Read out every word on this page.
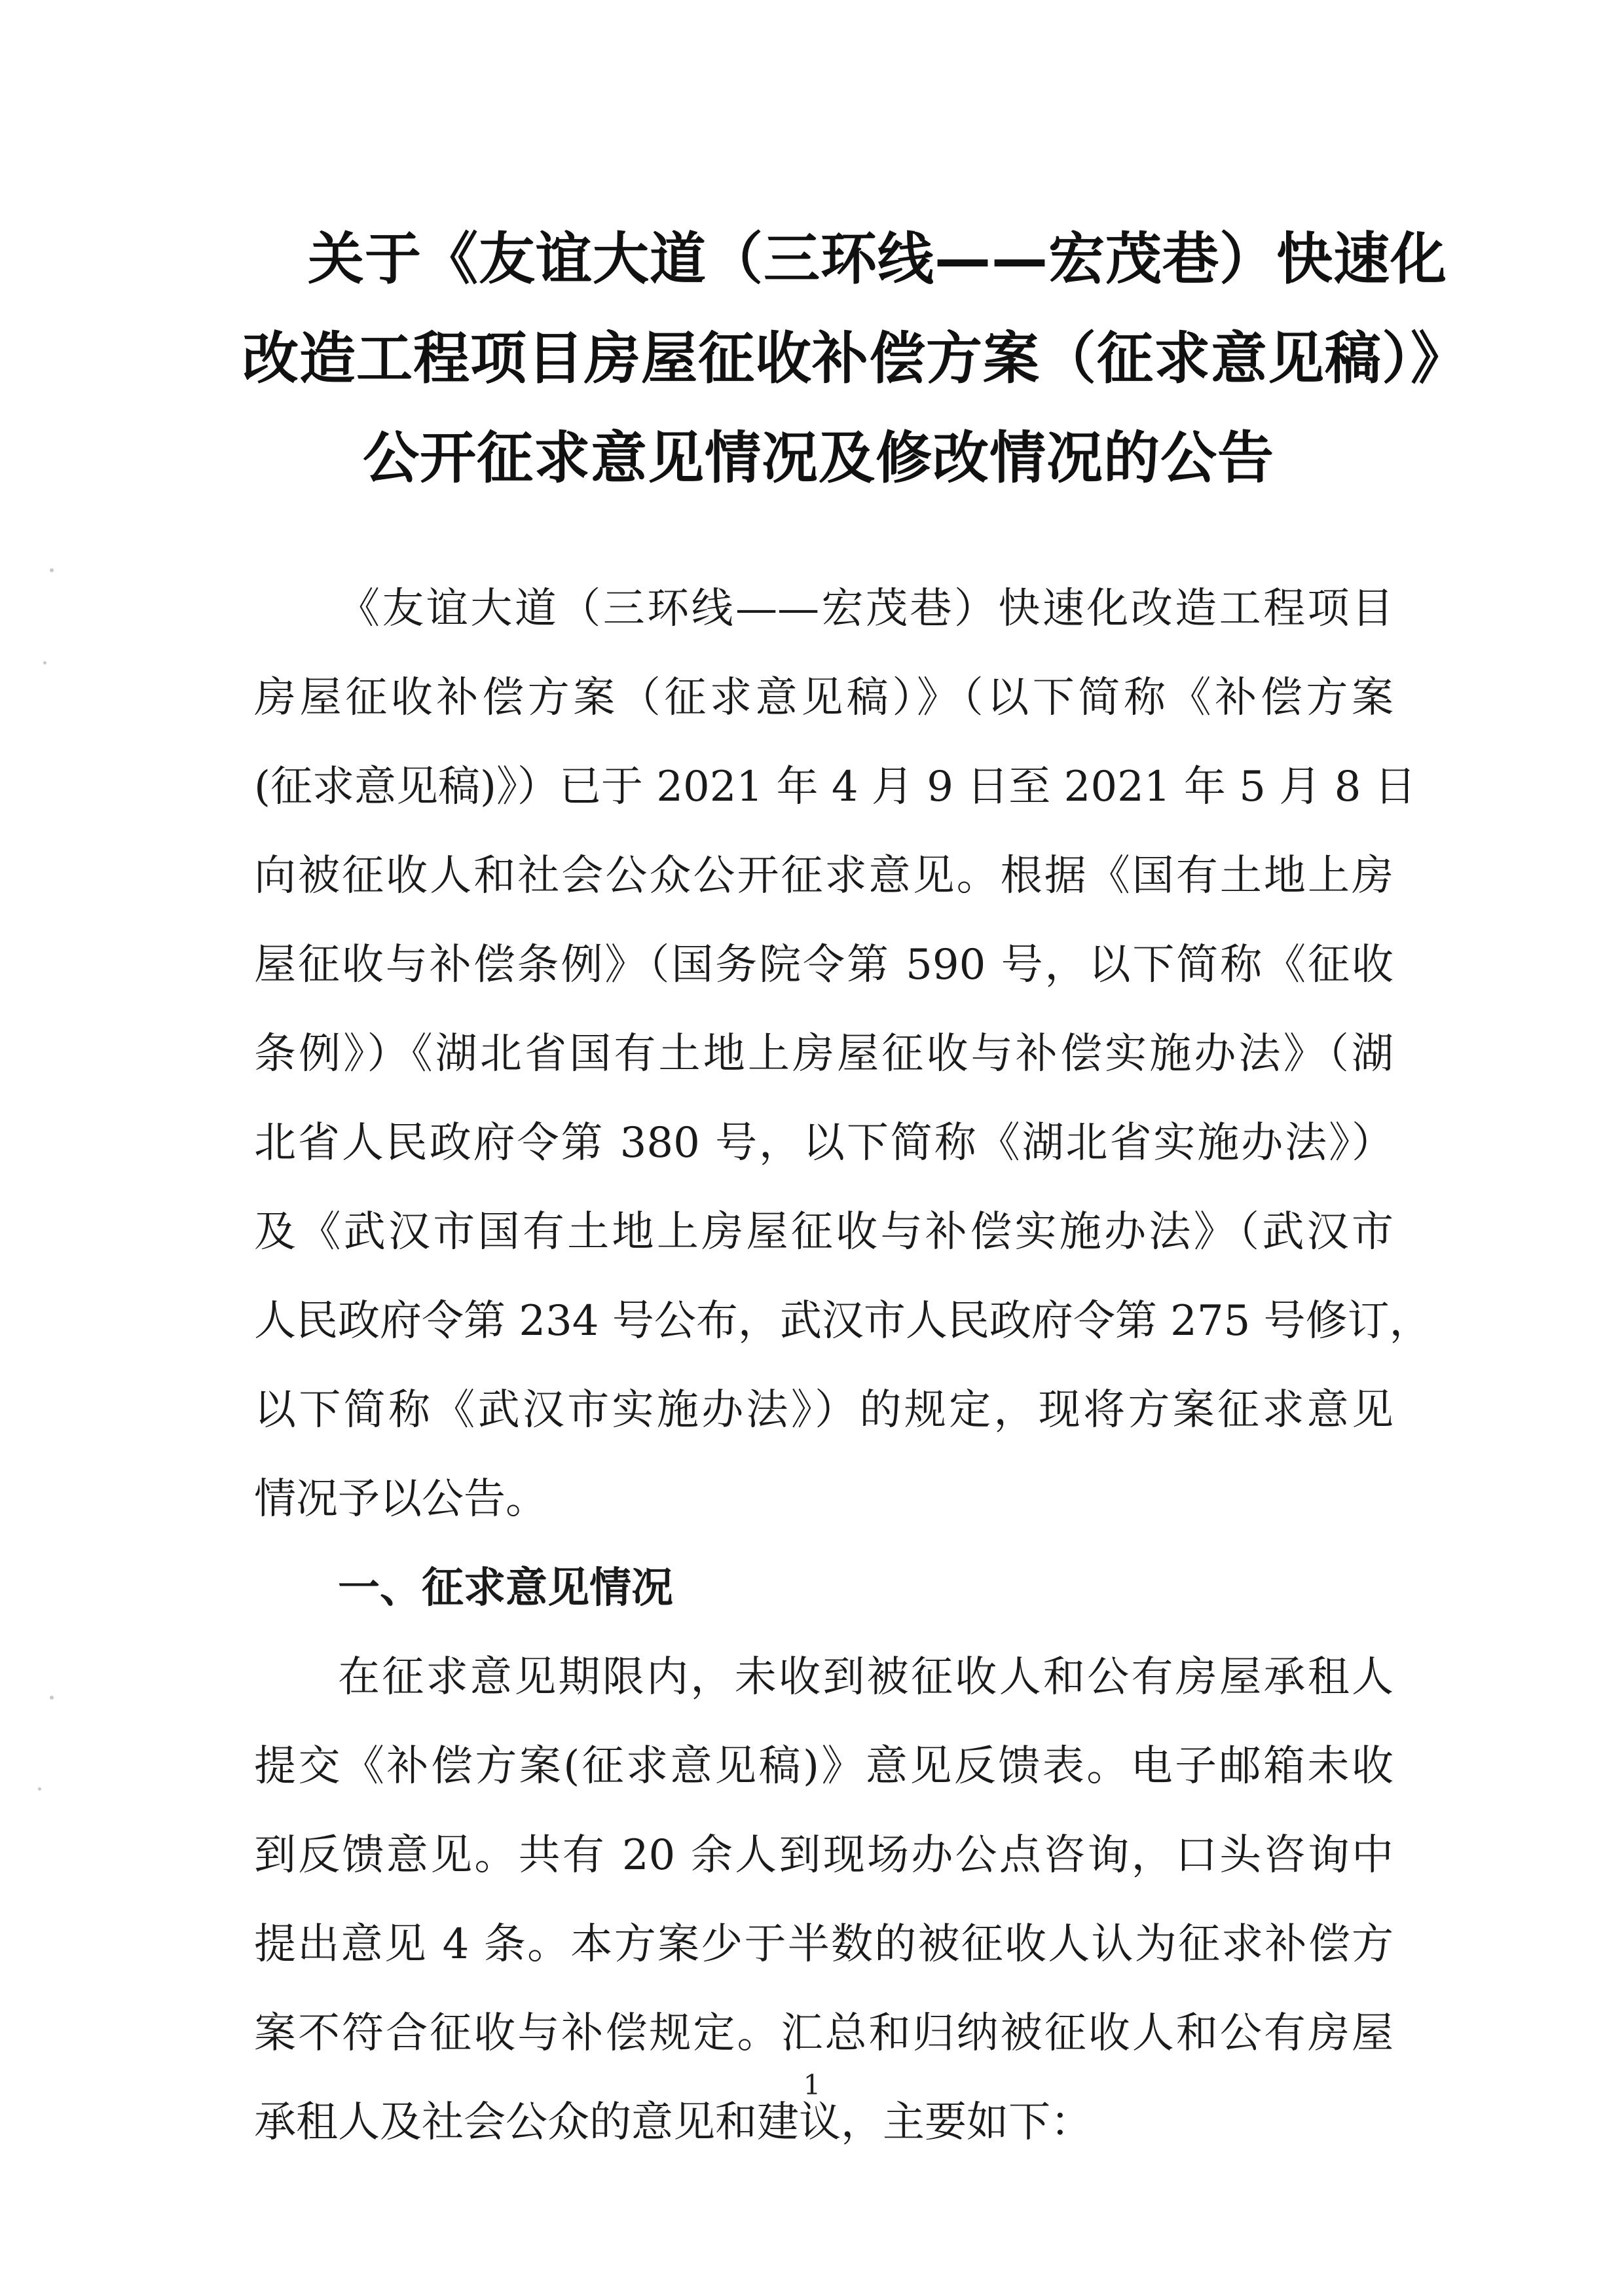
关于《友谊大道（三环线——宏茂巷）快速化
改造工程项目房屋征收补偿方案（征求意见稿）》
公开征求意见情况及修改情况的公告
《友谊大道（三环线——宏茂巷）快速化改造工程项目
房屋征收补偿方案（征求意见稿）》（以下简称《补偿方案
(征求意见稿)》）已于 2021 年 4 月 9 日至 2021 年 5 月 8 日
向被征收人和社会公众公开征求意见。根据《国有土地上房
屋征收与补偿条例》（国务院令第 590 号，以下简称《征收
条例》）《湖北省国有土地上房屋征收与补偿实施办法》（湖
北省人民政府令第 380 号，以下简称《湖北省实施办法》）
及《武汉市国有土地上房屋征收与补偿实施办法》（武汉市
人民政府令第 234 号公布，武汉市人民政府令第 275 号修订，
以下简称《武汉市实施办法》）的规定，现将方案征求意见
情况予以公告。
一、征求意见情况
在征求意见期限内，未收到被征收人和公有房屋承租人
提交《补偿方案(征求意见稿)》意见反馈表。电子邮箱未收
到反馈意见。共有 20 余人到现场办公点咨询，口头咨询中
提出意见 4 条。本方案少于半数的被征收人认为征求补偿方
案不符合征收与补偿规定。汇总和归纳被征收人和公有房屋
承租人及社会公众的意见和建议，主要如下：
1
